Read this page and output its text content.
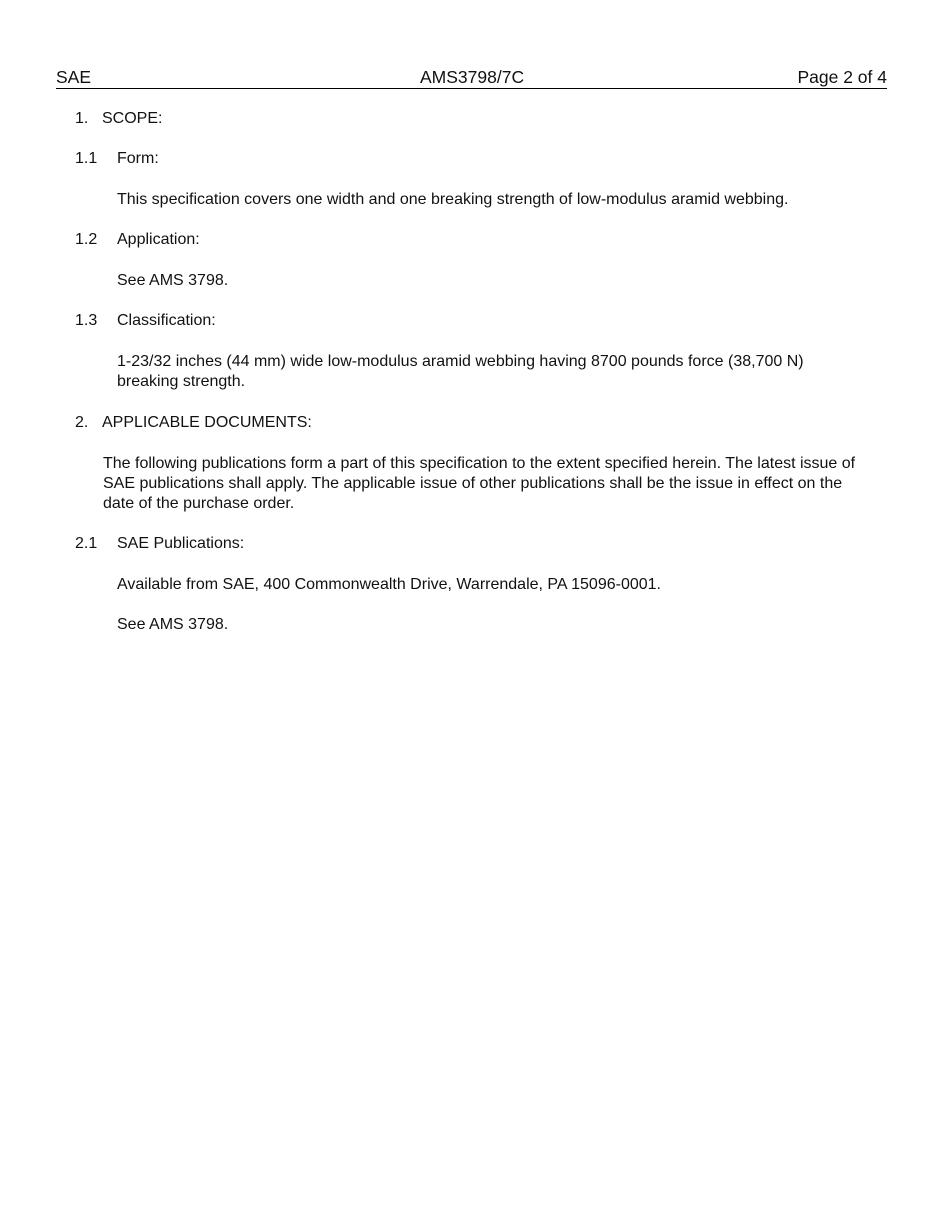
SAE	AMS3798/7C	Page 2 of 4
1. SCOPE:
1.1 Form:
This specification covers one width and one breaking strength of low-modulus aramid webbing.
1.2 Application:
See AMS 3798.
1.3 Classification:
1-23/32 inches (44 mm) wide low-modulus aramid webbing having 8700 pounds force (38,700 N) breaking strength.
2. APPLICABLE DOCUMENTS:
The following publications form a part of this specification to the extent specified herein. The latest issue of SAE publications shall apply. The applicable issue of other publications shall be the issue in effect on the date of the purchase order.
2.1 SAE Publications:
Available from SAE, 400 Commonwealth Drive, Warrendale, PA 15096-0001.
See AMS 3798.
